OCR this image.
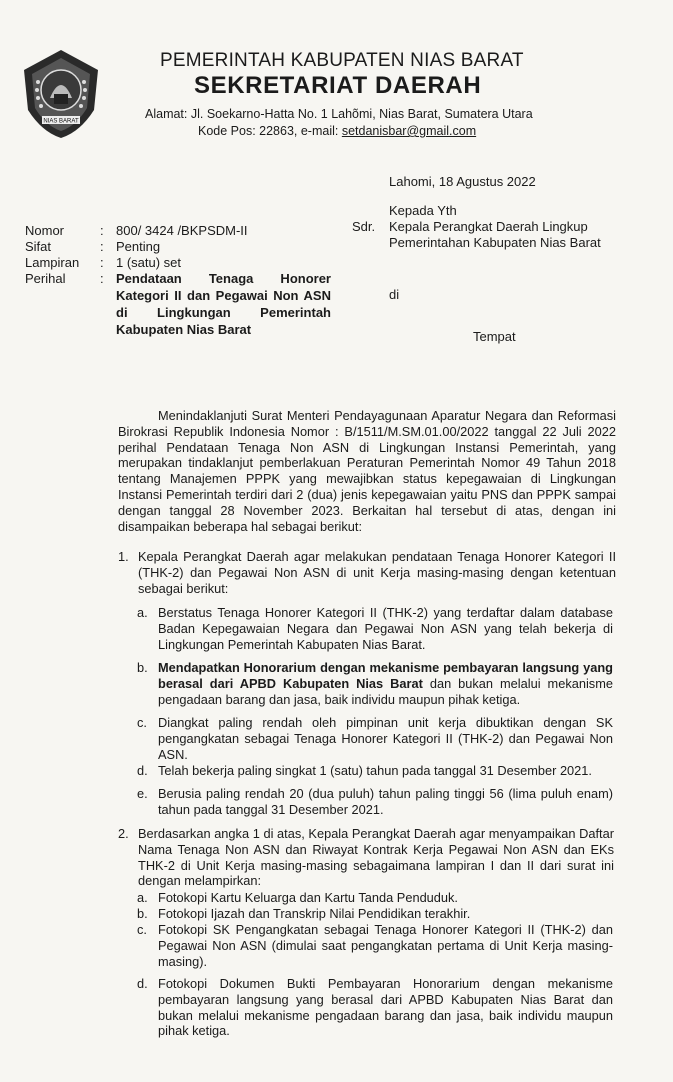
NIAS BARAT
PEMERINTAH KABUPATEN NIAS BARAT
SEKRETARIAT DAERAH
Alamat: Jl. Soekarno-Hatta No. 1 Lahõmi, Nias Barat, Sumatera Utara
Kode Pos: 22863, e-mail: setdanisbar@gmail.com
Lahomi, 18 Agustus 2022
Kepada Yth
Sdr. Kepala Perangkat Daerah Lingkup
Pemerintahan Kabupaten Nias Barat
di
Tempat
Nomor	: 800/ 3424 /BKPSDM-II
Sifat	: Penting
Lampiran	: 1 (satu) set
Perihal	: Pendataan Tenaga Honorer Kategori II dan Pegawai Non ASN di Lingkungan Pemerintah Kabupaten Nias Barat
Menindaklanjuti Surat Menteri Pendayagunaan Aparatur Negara dan Reformasi Birokrasi Republik Indonesia Nomor : B/1511/M.SM.01.00/2022 tanggal 22 Juli 2022 perihal Pendataan Tenaga Non ASN di Lingkungan Instansi Pemerintah, yang merupakan tindaklanjut pemberlakuan Peraturan Pemerintah Nomor 49 Tahun 2018 tentang Manajemen PPPK yang mewajibkan status kepegawaian di Lingkungan Instansi Pemerintah terdiri dari 2 (dua) jenis kepegawaian yaitu PNS dan PPPK sampai dengan tanggal 28 November 2023. Berkaitan hal tersebut di atas, dengan ini disampaikan beberapa hal sebagai berikut:
1. Kepala Perangkat Daerah agar melakukan pendataan Tenaga Honorer Kategori II (THK-2) dan Pegawai Non ASN di unit Kerja masing-masing dengan ketentuan sebagai berikut:
a. Berstatus Tenaga Honorer Kategori II (THK-2) yang terdaftar dalam database Badan Kepegawaian Negara dan Pegawai Non ASN yang telah bekerja di Lingkungan Pemerintah Kabupaten Nias Barat.
b. Mendapatkan Honorarium dengan mekanisme pembayaran langsung yang berasal dari APBD Kabupaten Nias Barat dan bukan melalui mekanisme pengadaan barang dan jasa, baik individu maupun pihak ketiga.
c. Diangkat paling rendah oleh pimpinan unit kerja dibuktikan dengan SK pengangkatan sebagai Tenaga Honorer Kategori II (THK-2) dan Pegawai Non ASN.
d. Telah bekerja paling singkat 1 (satu) tahun pada tanggal 31 Desember 2021.
e. Berusia paling rendah 20 (dua puluh) tahun paling tinggi 56 (lima puluh enam) tahun pada tanggal 31 Desember 2021.
2. Berdasarkan angka 1 di atas, Kepala Perangkat Daerah agar menyampaikan Daftar Nama Tenaga Non ASN dan Riwayat Kontrak Kerja Pegawai Non ASN dan EKs THK-2 di Unit Kerja masing-masing sebagaimana lampiran I dan II dari surat ini dengan melampirkan:
a. Fotokopi Kartu Keluarga dan Kartu Tanda Penduduk.
b. Fotokopi Ijazah dan Transkrip Nilai Pendidikan terakhir.
c. Fotokopi SK Pengangkatan sebagai Tenaga Honorer Kategori II (THK-2) dan Pegawai Non ASN (dimulai saat pengangkatan pertama di Unit Kerja masing-masing).
d. Fotokopi Dokumen Bukti Pembayaran Honorarium dengan mekanisme pembayaran langsung yang berasal dari APBD Kabupaten Nias Barat dan bukan melalui mekanisme pengadaan barang dan jasa, baik individu maupun pihak ketiga.
